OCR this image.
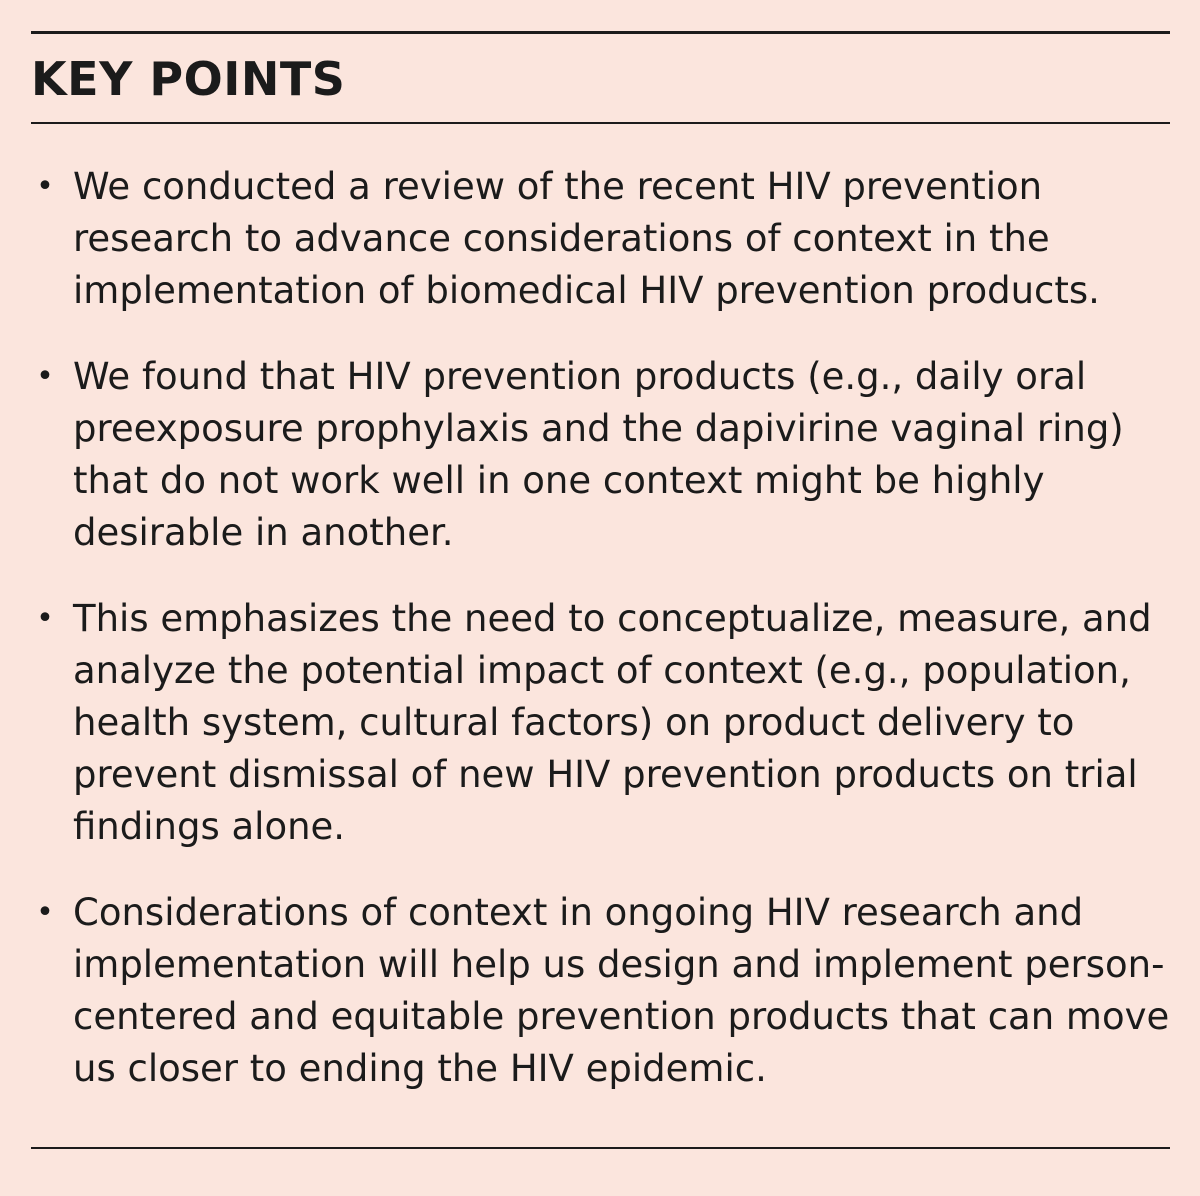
KEY POINTS
• We conducted a review of the recent HIV prevention research to advance considerations of context in the implementation of biomedical HIV prevention products.
• We found that HIV prevention products (e.g., daily oral preexposure prophylaxis and the dapivirine vaginal ring) that do not work well in one context might be highly desirable in another.
• This emphasizes the need to conceptualize, measure, and analyze the potential impact of context (e.g., population, health system, cultural factors) on product delivery to prevent dismissal of new HIV prevention products on trial findings alone.
• Considerations of context in ongoing HIV research and implementation will help us design and implement person-centered and equitable prevention products that can move us closer to ending the HIV epidemic.
